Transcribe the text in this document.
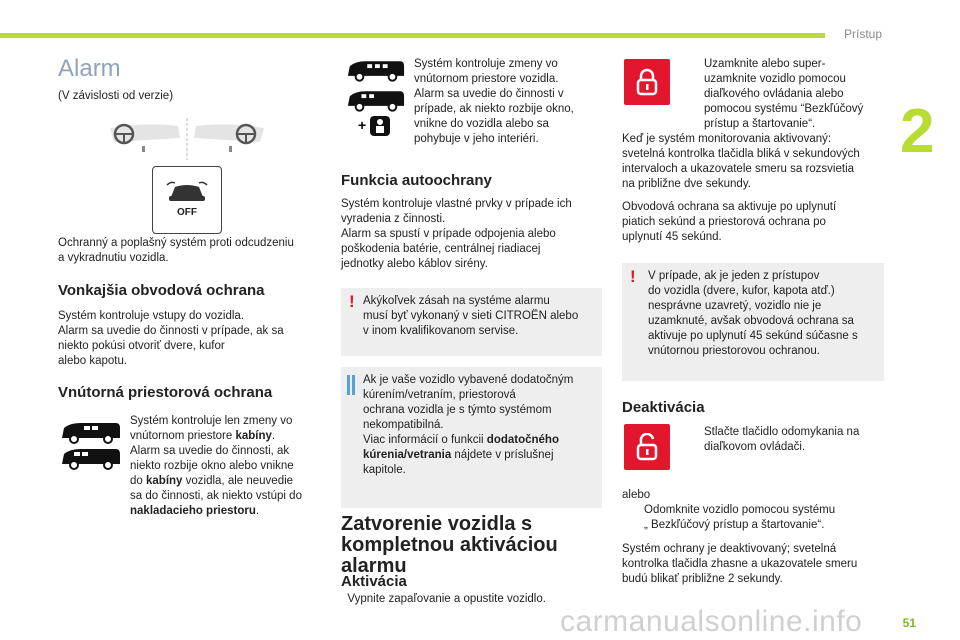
Prístup
2
Alarm
(V závislosti od verzie)
OFF
Ochranný a poplašný systém proti odcudzeniu
a vykradnutiu vozidla.
Vonkajšia obvodová ochrana
Systém kontroluje vstupy do vozidla.
Alarm sa uvedie do činnosti v prípade, ak sa
niekto pokúsi otvoriť dvere, kufor
alebo kapotu.
Vnútorná priestorová ochrana
Systém kontroluje len zmeny vo
vnútornom priestore kabíny.
Alarm sa uvedie do činnosti, ak
niekto rozbije okno alebo vnikne
do kabíny vozidla, ale neuvedie
sa do činnosti, ak niekto vstúpi do
nakladacieho priestoru.
+
Systém kontroluje zmeny vo
vnútornom priestore vozidla.
Alarm sa uvedie do činnosti v
prípade, ak niekto rozbije okno,
vnikne do vozidla alebo sa
pohybuje v jeho interiéri.
Funkcia autoochrany
Systém kontroluje vlastné prvky v prípade ich
vyradenia z činnosti.
Alarm sa spustí v prípade odpojenia alebo
poškodenia batérie, centrálnej riadiacej
jednotky alebo káblov sirény.
! Akýkoľvek zásah na systéme alarmu
musí byť vykonaný v sieti CITROËN alebo
v inom kvalifikovanom servise.
Ak je vaše vozidlo vybavené dodatočným
kúrením/vetraním, priestorová
ochrana vozidla je s týmto systémom
nekompatibilná.
Viac informácií o funkcii dodatočného
kúrenia/vetrania nájdete v príslušnej
kapitole.
Zatvorenie vozidla s
kompletnou aktiváciou
alarmu
Aktivácia
Vypnite zapaľovanie a opustite vozidlo.
Uzamknite alebo super-
uzamknite vozidlo pomocou
diaľkového ovládania alebo
pomocou systému “Bezkľúčový
prístup a štartovanie“.
Keď je systém monitorovania aktivovaný:
svetelná kontrolka tlačidla bliká v sekundových
intervaloch a ukazovatele smeru sa rozsvietia
na približne dve sekundy.
Obvodová ochrana sa aktivuje po uplynutí
piatich sekúnd a priestorová ochrana po
uplynutí 45 sekúnd.
! V prípade, ak je jeden z prístupov
do vozidla (dvere, kufor, kapota atď.)
nesprávne uzavretý, vozidlo nie je
uzamknuté, avšak obvodová ochrana sa
aktivuje po uplynutí 45 sekúnd súčasne s
vnútornou priestorovou ochranou.
Deaktivácia
Stlačte tlačidlo odomykania na
diaľkovom ovládači.
alebo
Odomknite vozidlo pomocou systému
„ Bezkľúčový prístup a štartovanie“.
Systém ochrany je deaktivovaný; svetelná
kontrolka tlačidla zhasne a ukazovatele smeru
budú blikať približne 2 sekundy.
carmanualsonline.info	51
